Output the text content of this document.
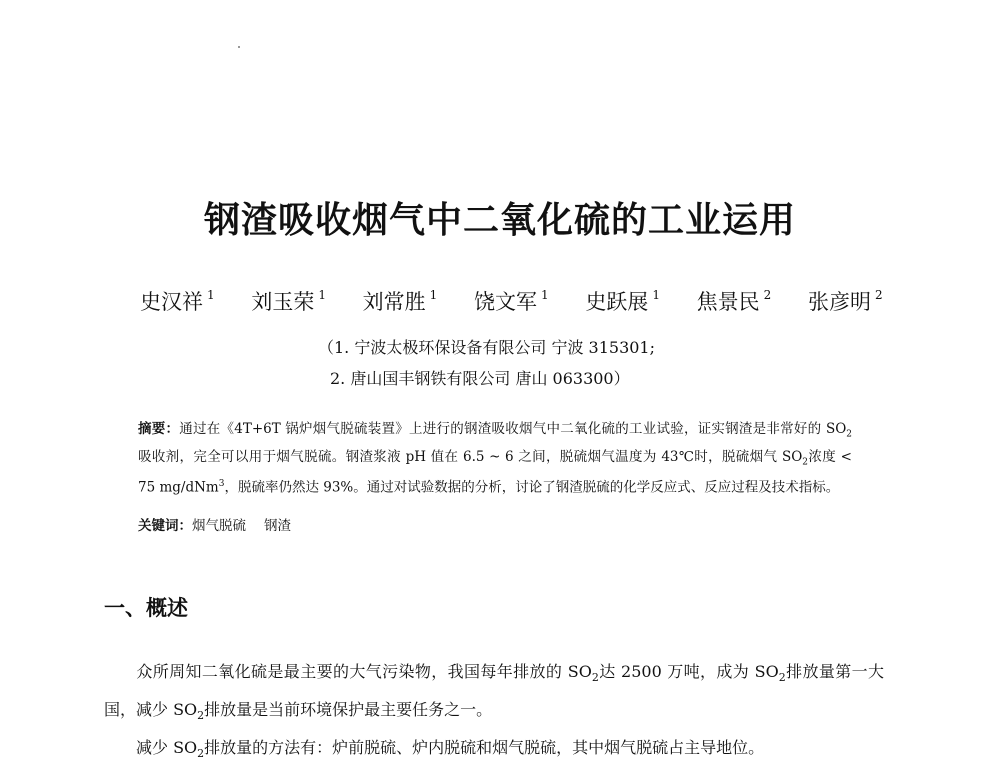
钢渣吸收烟气中二氧化硫的工业运用
史汉祥 $^1$ 刘玉荣 $^1$ 刘常胜 $^1$ 饶文军 $^1$ 史跃展 $^1$ 焦景民 $^2$ 张彦明 $^2$
（1. 宁波太极环保设备有限公司 宁波 315301;
2. 唐山国丰钢铁有限公司 唐山 063300）
摘要：通过在《4T+6T 锅炉烟气脱硫装置》上进行的钢渣吸收烟气中二氧化硫的工业试验，证实钢渣是非常好的 $SO_2$吸收剂，完全可以用于烟气脱硫。钢渣浆液 pH 值在 6.5 ~ 6 之间，脱硫烟气温度为 43℃时，脱硫烟气 $SO_2$浓度 < 75 mg/dNm$^3$，脱硫率仍然达 93%。通过对试验数据的分析，讨论了钢渣脱硫的化学反应式、反应过程及技术指标。
关键词：烟气脱硫 钢渣
一、概述
众所周知二氧化硫是最主要的大气污染物，我国每年排放的 $SO_2$达 2500 万吨，成为 $SO_2$排放量第一大国，减少 $SO_2$排放量是当前环境保护最主要任务之一。
减少 $SO_2$排放量的方法有：炉前脱硫、炉内脱硫和烟气脱硫，其中烟气脱硫占主导地位。
